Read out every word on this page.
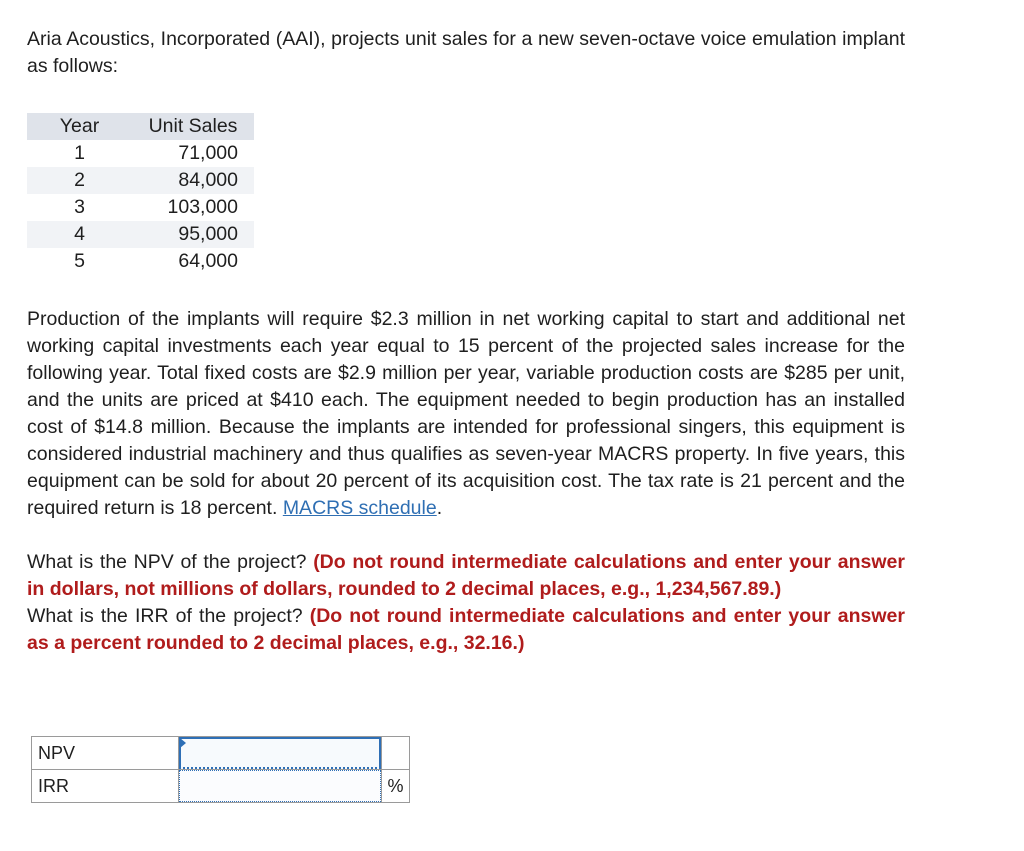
Aria Acoustics, Incorporated (AAI), projects unit sales for a new seven-octave voice emulation implant as follows:

Year	Unit Sales
1	71,000
2	84,000
3	103,000
4	95,000
5	64,000

Production of the implants will require $2.3 million in net working capital to start and additional net working capital investments each year equal to 15 percent of the projected sales increase for the following year. Total fixed costs are $2.9 million per year, variable production costs are $285 per unit, and the units are priced at $410 each. The equipment needed to begin production has an installed cost of $14.8 million. Because the implants are intended for professional singers, this equipment is considered industrial machinery and thus qualifies as seven-year MACRS property. In five years, this equipment can be sold for about 20 percent of its acquisition cost. The tax rate is 21 percent and the required return is 18 percent. MACRS schedule.

What is the NPV of the project? (Do not round intermediate calculations and enter your answer in dollars, not millions of dollars, rounded to 2 decimal places, e.g., 1,234,567.89.)

What is the IRR of the project? (Do not round intermediate calculations and enter your answer as a percent rounded to 2 decimal places, e.g., 32.16.)

NPV	

IRR		%
